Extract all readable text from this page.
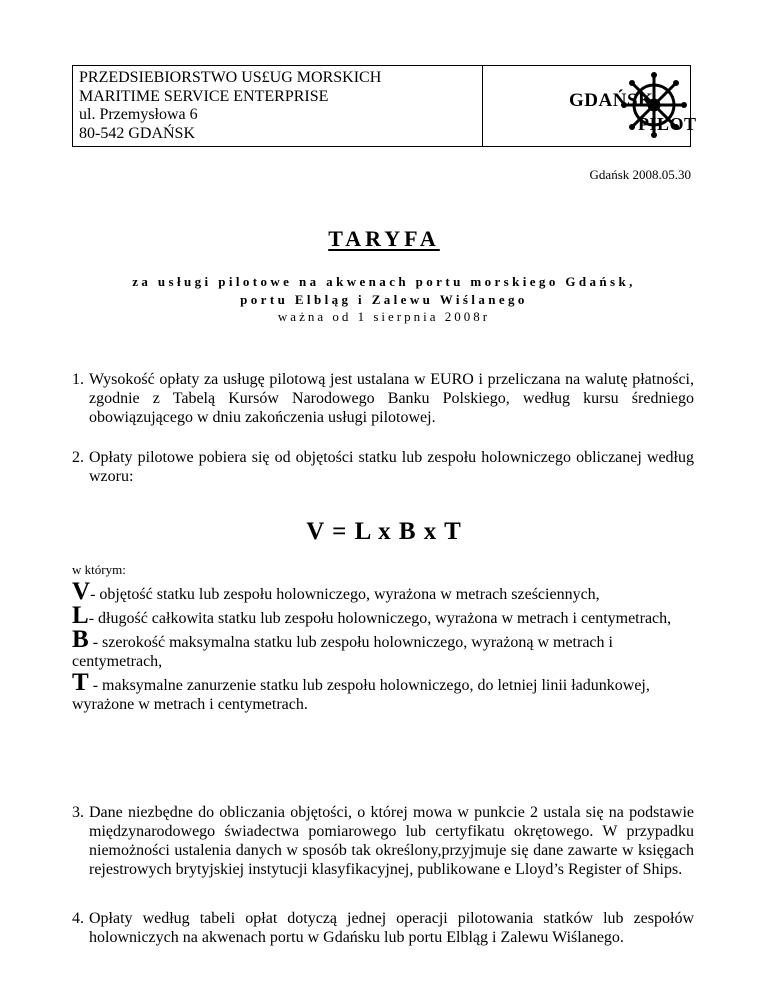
PRZEDSIEBIORSTWO US£UG MORSKICH
MARITIME SERVICE ENTERPRISE
ul. Przemysłowa 6
80-542 GDAŃSK
GDAŃSK
PILOT
Gdańsk 2008.05.30
TARYFA
za usługi pilotowe na akwenach portu morskiego Gdańsk,
portu Elbląg i Zalewu Wiślanego
ważna od 1 sierpnia 2008r
1. Wysokość opłaty za usługę pilotową jest ustalana w EURO i przeliczana na walutę płatności, zgodnie z Tabelą Kursów Narodowego Banku Polskiego, według kursu średniego obowiązującego w dniu zakończenia usługi pilotowej.
2. Opłaty pilotowe pobiera się od objętości statku lub zespołu holowniczego obliczanej według wzoru:
V = L x B x T
w którym:
V- objętość statku lub zespołu holowniczego, wyrażona w metrach sześciennych,
L- długość całkowita statku lub zespołu holowniczego, wyrażona w metrach i centymetrach,
B - szerokość maksymalna statku lub zespołu holowniczego, wyrażoną w metrach i centymetrach,
T - maksymalne zanurzenie statku lub zespołu holowniczego, do letniej linii ładunkowej, wyrażone w metrach i centymetrach.
3. Dane niezbędne do obliczania objętości, o której mowa w punkcie 2 ustala się na podstawie międzynarodowego świadectwa pomiarowego lub certyfikatu okrętowego. W przypadku niemożności ustalenia danych w sposób tak określony,przyjmuje się dane zawarte w księgach rejestrowych brytyjskiej instytucji klasyfikacyjnej, publikowane e Lloyd’s Register of Ships.
4. Opłaty według tabeli opłat dotyczą jednej operacji pilotowania statków lub zespołów holowniczych na akwenach portu w Gdańsku lub portu Elbląg i Zalewu Wiślanego.
